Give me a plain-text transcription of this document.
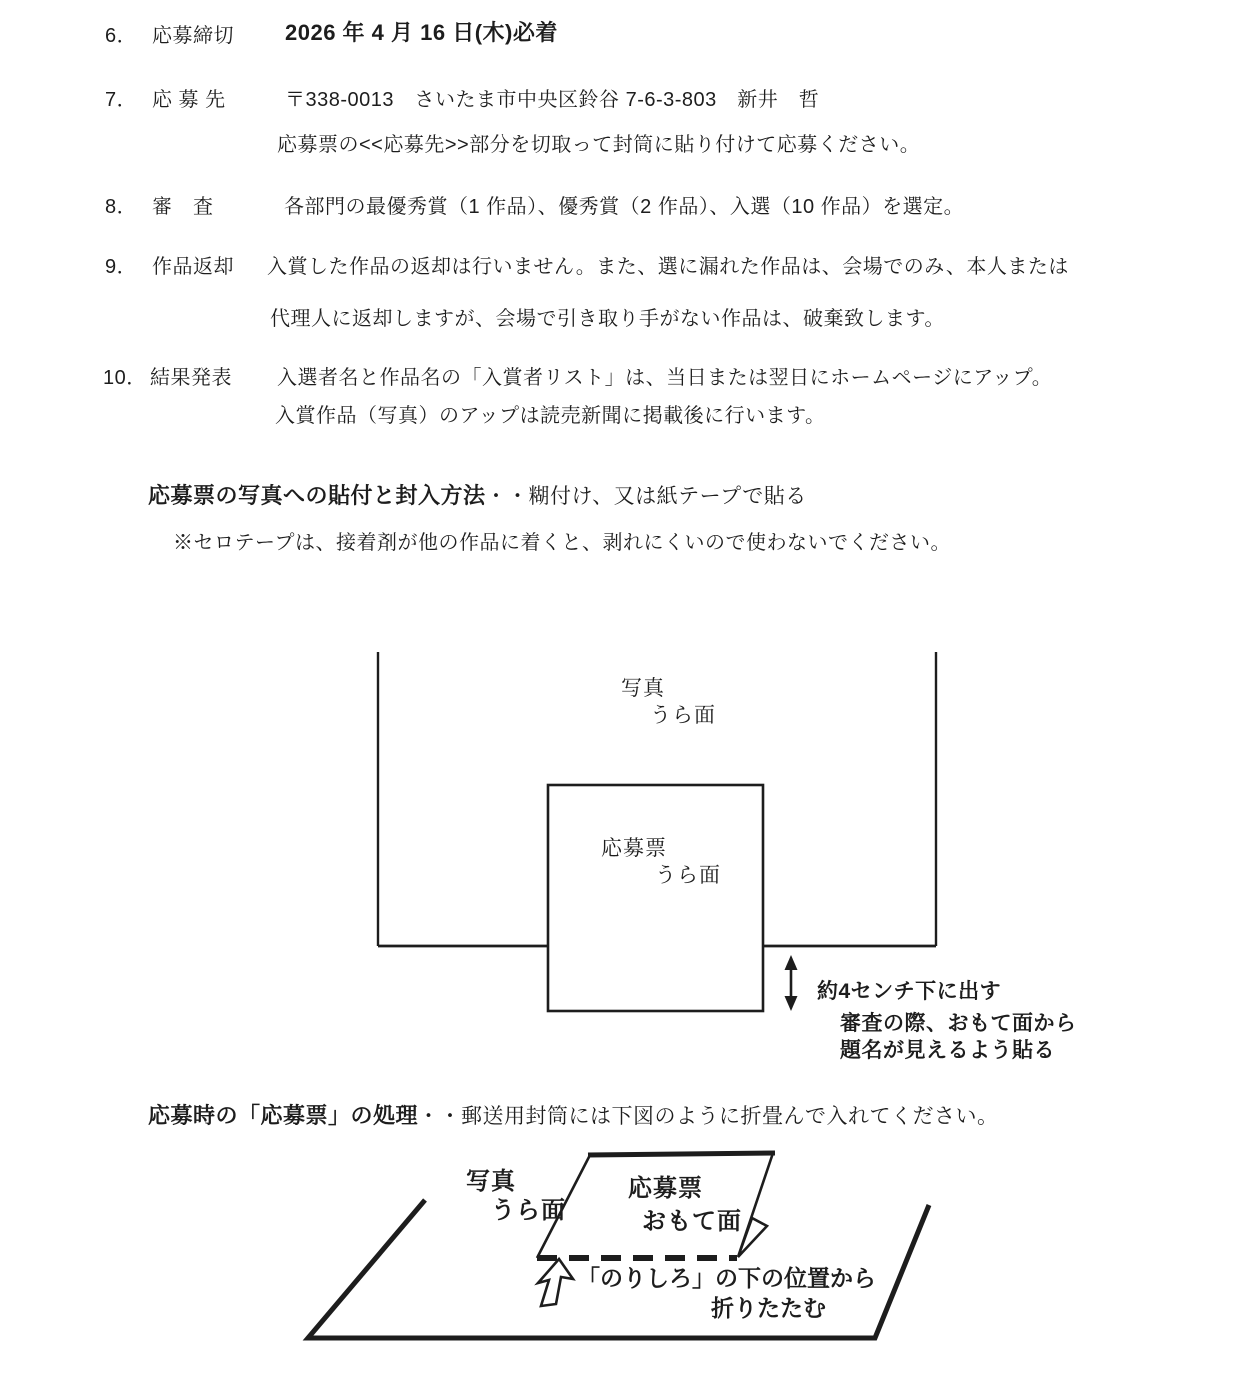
6． 応募締切 2026 年 4 月 16 日(木)必着
7． 応 募 先	〒338-0013　さいたま市中央区鈴谷 7-6-3-803　新井　哲
応募票の<<応募先>>部分を切取って封筒に貼り付けて応募ください。
8． 審　査	各部門の最優秀賞（1 作品）、優秀賞（2 作品）、入選（10 作品）を選定。
9． 作品返却 入賞した作品の返却は行いません。また、選に漏れた作品は、会場でのみ、本人または
代理人に返却しますが、会場で引き取り手がない作品は、破棄致します。
10． 結果発表 入選者名と作品名の「入賞者リスト」は、当日または翌日にホームページにアップ。
入賞作品（写真）のアップは読売新聞に掲載後に行います。
応募票の写真への貼付と封入方法・・糊付け、又は紙テープで貼る
※セロテープは、接着剤が他の作品に着くと、剥れにくいので使わないでください。
写真
うら面
応募票
うら面
約4センチ下に出す
審査の際、おもて面から
題名が見えるよう貼る
応募時の「応募票」の処理・・郵送用封筒には下図のように折畳んで入れてください。
写真
うら面
応募票
おもて面
「のりしろ」の下の位置から
折りたたむ
